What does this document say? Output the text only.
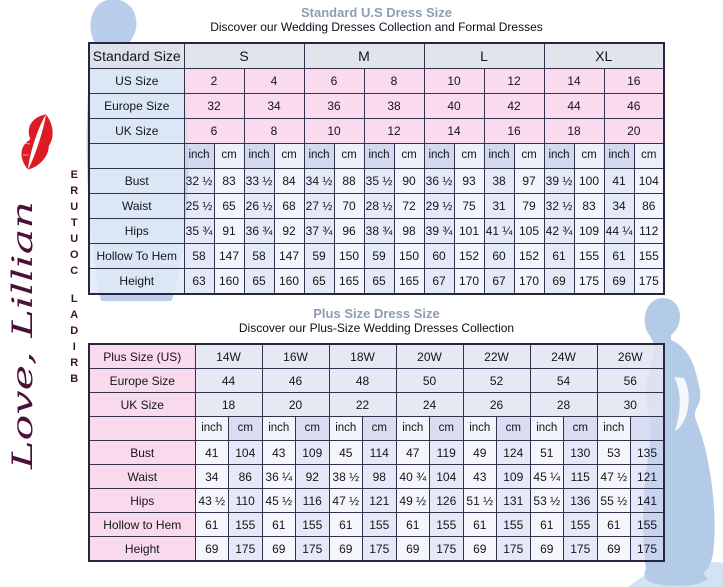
Love, Lillian
E
R
U
T
U
O
C
L
A
D
I
R
B
Standard U.S Dress Size
Discover our Wedding Dresses Collection and Formal Dresses
Standard Size	S				M				L				XL			
US Size	2		4		6		8		10		12		14		16	
Europe Size	32		34		36		38		40		42		44		46	
UK Size	6		8		10		12		14		16		18		20	
	inch	cm	inch	cm	inch	cm	inch	cm	inch	cm	inch	cm	inch	cm	inch	cm
Bust	32 ½	83	33 ½	84	34 ½	88	35 ½	90	36 ½	93	38	97	39 ½	100	41	104
Waist	25 ½	65	26 ½	68	27 ½	70	28 ½	72	29 ½	75	31	79	32 ½	83	34	86
Hips	35 ¾	91	36 ¾	92	37 ¾	96	38 ¾	98	39 ¾	101	41 ¼	105	42 ¾	109	44 ¼	112
Hollow To Hem	58	147	58	147	59	150	59	150	60	152	60	152	61	155	61	155
Height	63	160	65	160	65	165	65	165	67	170	67	170	69	175	69	175
Plus Size Dress Size
Discover our Plus-Size Wedding Dresses Collection
Plus Size (US)	14W		16W		18W		20W		22W		24W		26W	
Europe Size	44		46		48		50		52		54		56	
UK Size	18		20		22		24		26		28		30	
	inch	cm	inch	cm	inch	cm	inch	cm	inch	cm	inch	cm	inch	
Bust	41	104	43	109	45	114	47	119	49	124	51	130	53	135
Waist	34	86	36 ¼	92	38 ½	98	40 ¾	104	43	109	45 ¼	115	47 ½	121
Hips	43 ½	110	45 ½	116	47 ½	121	49 ½	126	51 ½	131	53 ½	136	55 ½	141
Hollow to Hem	61	155	61	155	61	155	61	155	61	155	61	155	61	155
Height	69	175	69	175	69	175	69	175	69	175	69	175	69	175
